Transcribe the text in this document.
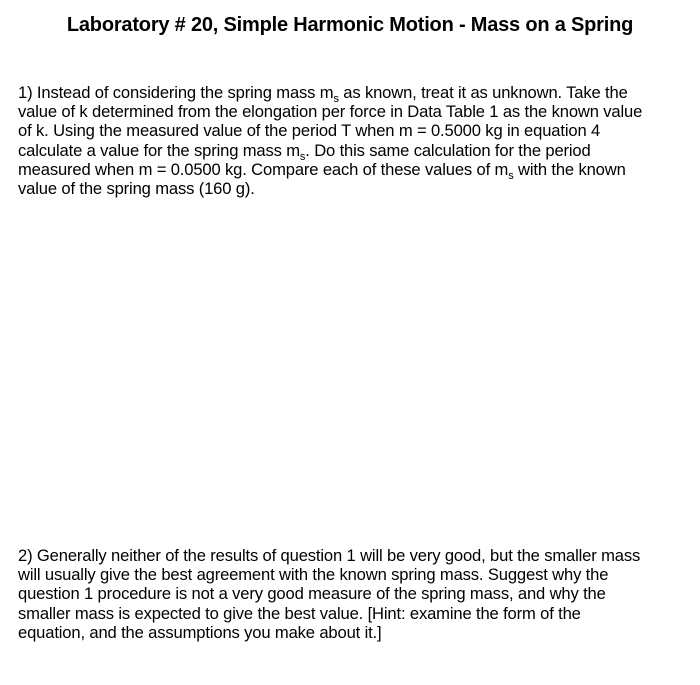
Laboratory # 20, Simple Harmonic Motion - Mass on a Spring
1) Instead of considering the spring mass $m_s$ as known, treat it as unknown. Take the
value of k determined from the elongation per force in Data Table 1 as the known value
of k. Using the measured value of the period T when m = 0.5000 kg in equation 4
calculate a value for the spring mass $m_s$. Do this same calculation for the period
measured when m = 0.0500 kg. Compare each of these values of $m_s$ with the known
value of the spring mass (160 g).
2) Generally neither of the results of question 1 will be very good, but the smaller mass
will usually give the best agreement with the known spring mass. Suggest why the
question 1 procedure is not a very good measure of the spring mass, and why the
smaller mass is expected to give the best value. [Hint: examine the form of the
equation, and the assumptions you make about it.]
